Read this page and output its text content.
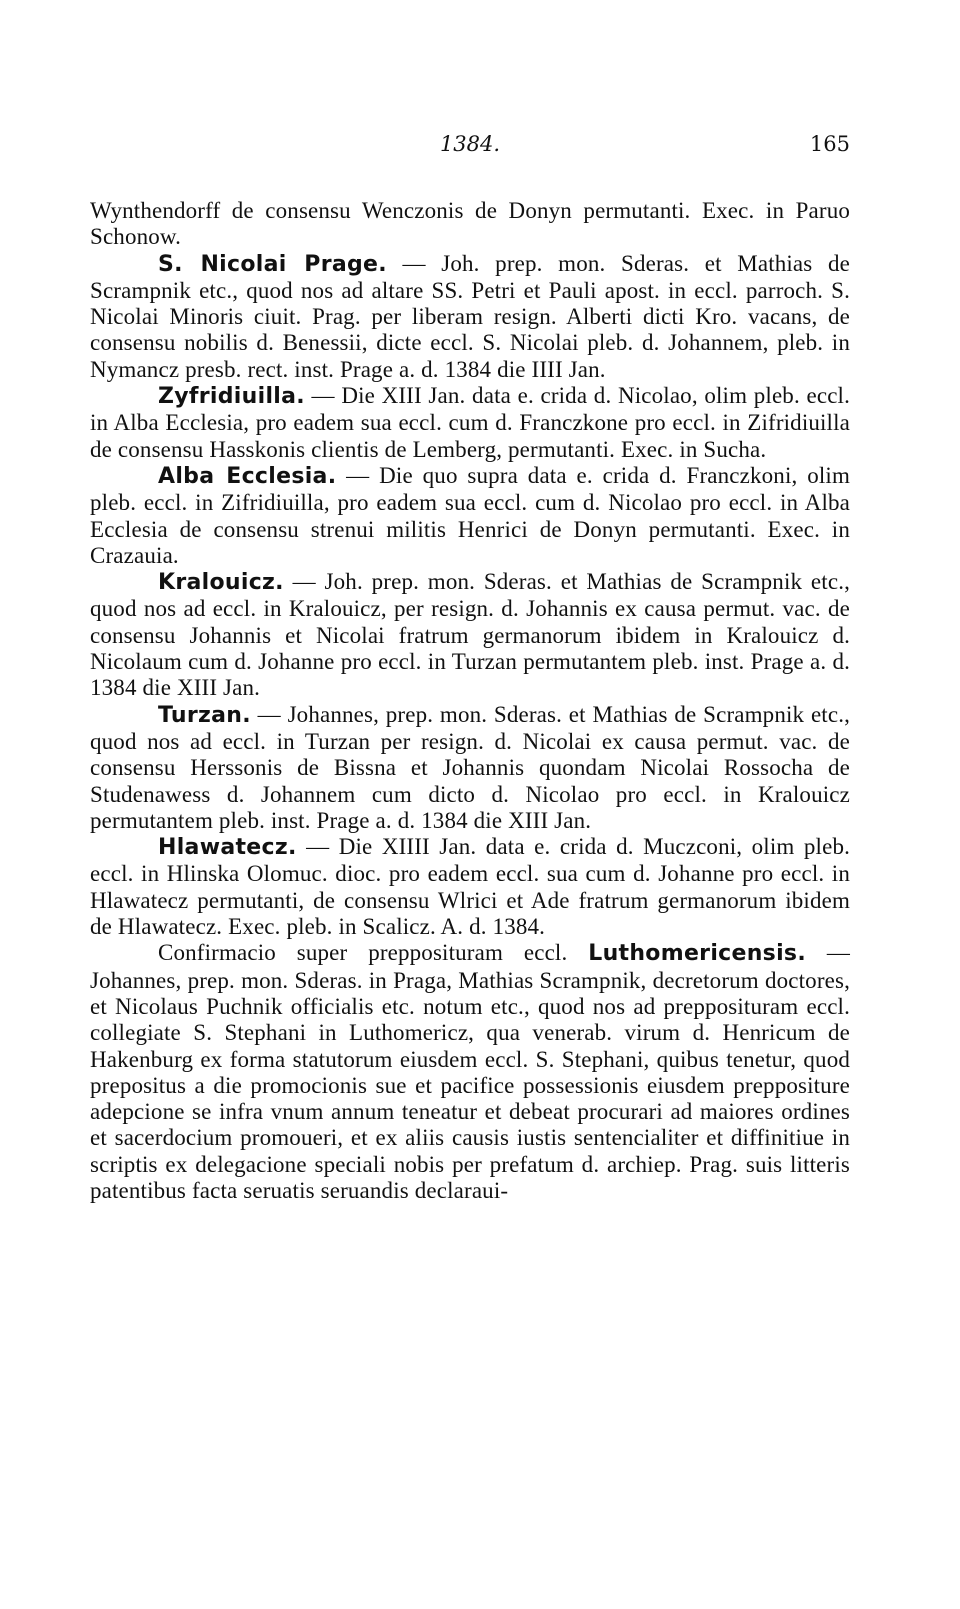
1384.	165

Wynthendorff de consensu Wenczonis de Donyn permutanti. Exec. in Paruo Schonow.

S. Nicolai Prage. — Joh. prep. mon. Sderas. et Mathias de Scrampnik etc., quod nos ad altare SS. Petri et Pauli apost. in eccl. parroch. S. Nicolai Minoris ciuit. Prag. per liberam resign. Alberti dicti Kro. vacans, de consensu nobilis d. Benessii, dicte eccl. S. Nicolai pleb. d. Johannem, pleb. in Nymancz presb. rect. inst. Prage a. d. 1384 die IIII Jan.

Zyfridiuilla. — Die XIII Jan. data e. crida d. Nicolao, olim pleb. eccl. in Alba Ecclesia, pro eadem sua eccl. cum d. Franczkone pro eccl. in Zifridiuilla de consensu Hasskonis clientis de Lemberg, permutanti. Exec. in Sucha.

Alba Ecclesia. — Die quo supra data e. crida d. Franczkoni, olim pleb. eccl. in Zifridiuilla, pro eadem sua eccl. cum d. Nicolao pro eccl. in Alba Ecclesia de consensu strenui militis Henrici de Donyn permutanti. Exec. in Crazauia.

Kralouicz. — Joh. prep. mon. Sderas. et Mathias de Scrampnik etc., quod nos ad eccl. in Kralouicz, per resign. d. Johannis ex causa permut. vac. de consensu Johannis et Nicolai fratrum germanorum ibidem in Kralouicz d. Nicolaum cum d. Johanne pro eccl. in Turzan permutantem pleb. inst. Prage a. d. 1384 die XIII Jan.

Turzan. — Johannes, prep. mon. Sderas. et Mathias de Scrampnik etc., quod nos ad eccl. in Turzan per resign. d. Nicolai ex causa permut. vac. de consensu Herssonis de Bissna et Johannis quondam Nicolai Rossocha de Studenawess d. Johannem cum dicto d. Nicolao pro eccl. in Kralouicz permutantem pleb. inst. Prage a. d. 1384 die XIII Jan.

Hlawatecz. — Die XIIII Jan. data e. crida d. Muczconi, olim pleb. eccl. in Hlinska Olomuc. dioc. pro eadem eccl. sua cum d. Johanne pro eccl. in Hlawatecz permutanti, de consensu Wlrici et Ade fratrum germanorum ibidem de Hlawatecz. Exec. pleb. in Scalicz. A. d. 1384.

Confirmacio super prepposituram eccl. Luthomericensis. — Johannes, prep. mon. Sderas. in Praga, Mathias Scrampnik, decretorum doctores, et Nicolaus Puchnik officialis etc. notum etc., quod nos ad prepposituram eccl. collegiate S. Stephani in Luthomericz, qua venerab. virum d. Henricum de Hakenburg ex forma statutorum eiusdem eccl. S. Stephani, quibus tenetur, quod prepositus a die promocionis sue et pacifice possessionis eiusdem preppositure adepcione se infra vnum annum teneatur et debeat procurari ad maiores ordines et sacerdocium promoueri, et ex aliis causis iustis sentencialiter et diffinitiue in scriptis ex delegacione speciali nobis per prefatum d. archiep. Prag. suis litteris patentibus facta seruatis seruandis declaraui-
